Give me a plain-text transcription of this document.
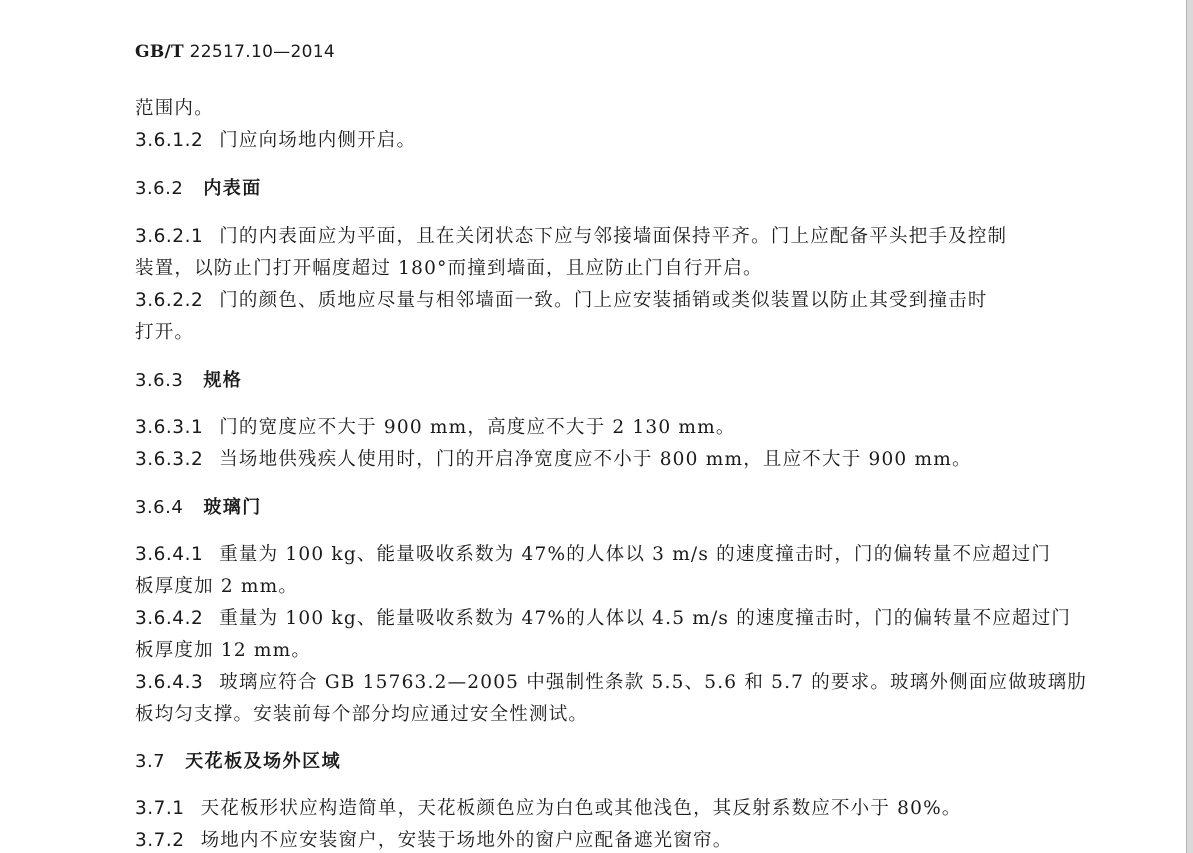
GB/T 22517.10—2014
范围内。
3.6.1.2 门应向场地内侧开启。
3.6.2 内表面
3.6.2.1 门的内表面应为平面，且在关闭状态下应与邻接墙面保持平齐。门上应配备平头把手及控制
装置，以防止门打开幅度超过 180°而撞到墙面，且应防止门自行开启。
3.6.2.2 门的颜色、质地应尽量与相邻墙面一致。门上应安装插销或类似装置以防止其受到撞击时
打开。
3.6.3 规格
3.6.3.1 门的宽度应不大于 900 mm，高度应不大于 2 130 mm。
3.6.3.2 当场地供残疾人使用时，门的开启净宽度应不小于 800 mm，且应不大于 900 mm。
3.6.4 玻璃门
3.6.4.1 重量为 100 kg、能量吸收系数为 47%的人体以 3 m/s 的速度撞击时，门的偏转量不应超过门
板厚度加 2 mm。
3.6.4.2 重量为 100 kg、能量吸收系数为 47%的人体以 4.5 m/s 的速度撞击时，门的偏转量不应超过门
板厚度加 12 mm。
3.6.4.3 玻璃应符合 GB 15763.2—2005 中强制性条款 5.5、5.6 和 5.7 的要求。玻璃外侧面应做玻璃肋
板均匀支撑。安装前每个部分均应通过安全性测试。
3.7 天花板及场外区域
3.7.1 天花板形状应构造简单，天花板颜色应为白色或其他浅色，其反射系数应不小于 80%。
3.7.2 场地内不应安装窗户，安装于场地外的窗户应配备遮光窗帘。
